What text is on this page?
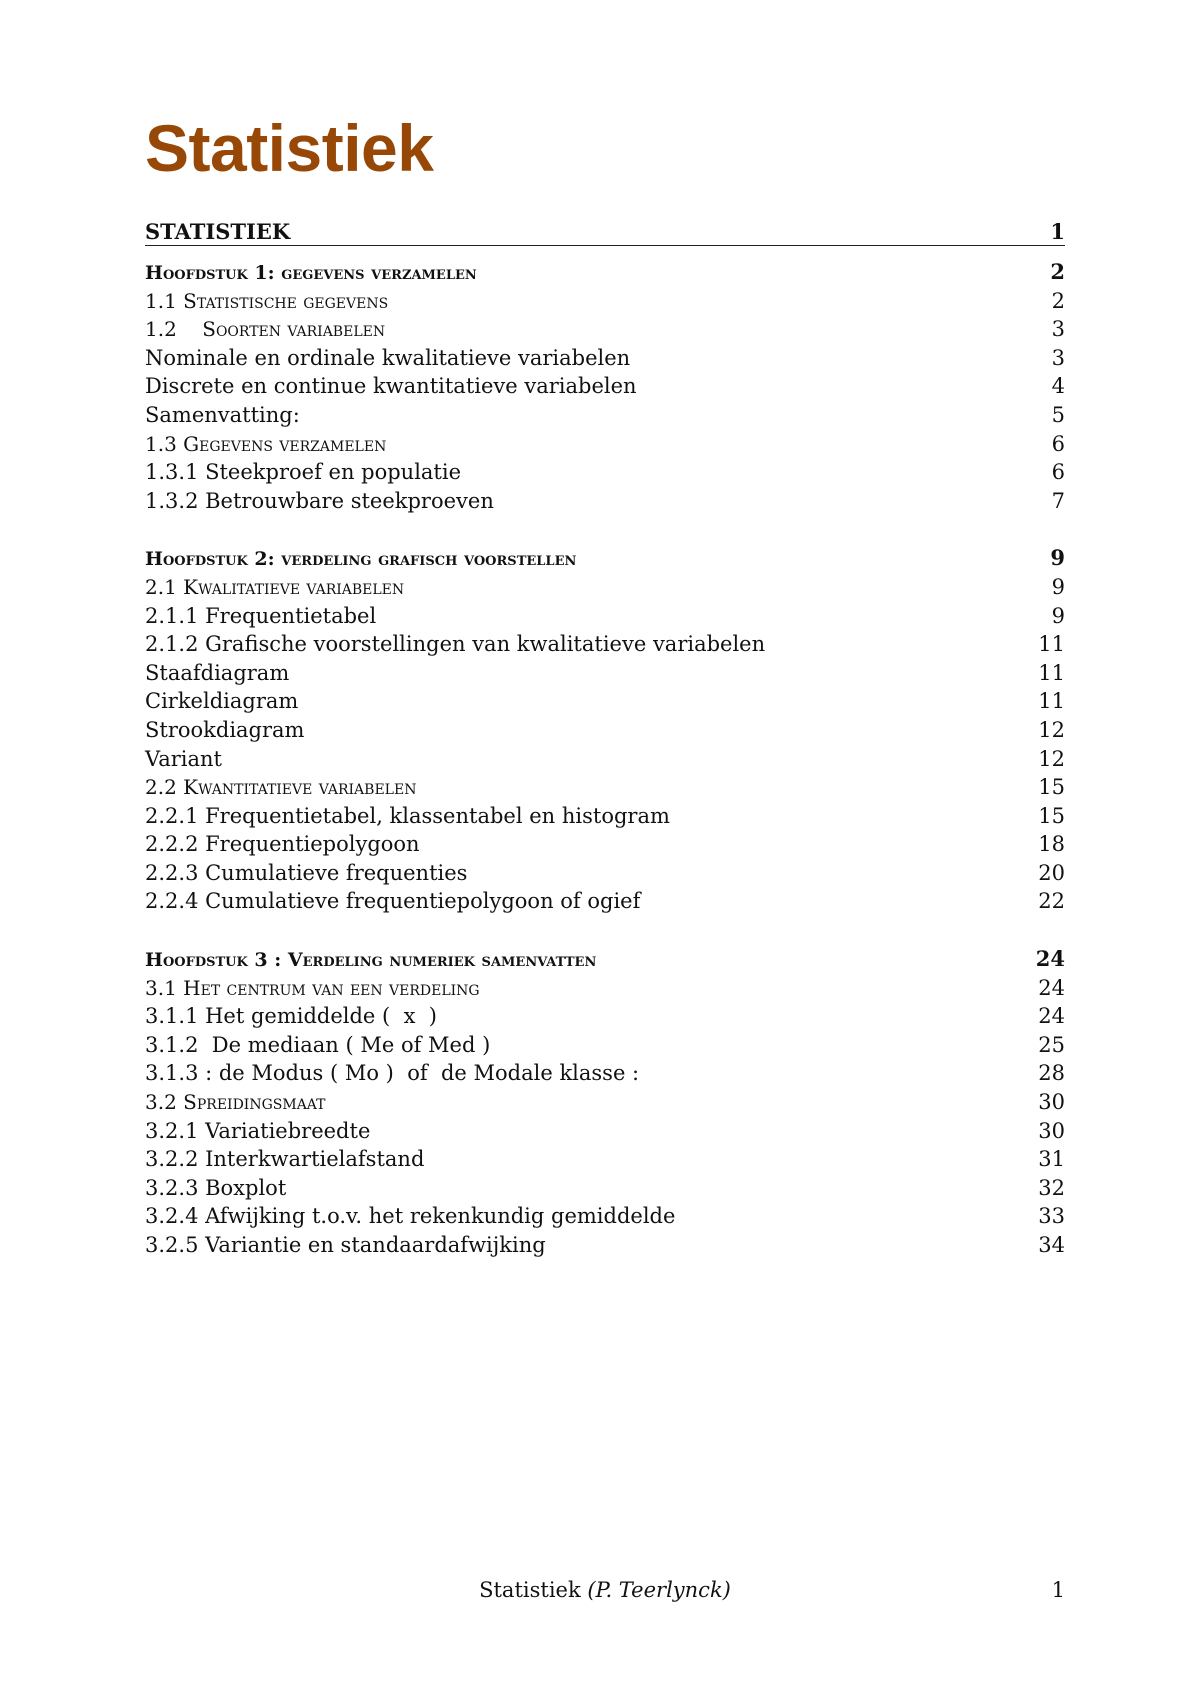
Statistiek
STATISTIEK	1
Hoofdstuk 1: gegevens verzamelen	2
1.1 Statistische gegevens	2
1.2    Soorten variabelen	3
Nominale en ordinale kwalitatieve variabelen	3
Discrete en continue kwantitatieve variabelen	4
Samenvatting:	5
1.3 Gegevens verzamelen	6
1.3.1 Steekproef en populatie	6
1.3.2 Betrouwbare steekproeven	7
Hoofdstuk 2: verdeling grafisch voorstellen	9
2.1 Kwalitatieve variabelen	9
2.1.1 Frequentietabel	9
2.1.2 Grafische voorstellingen van kwalitatieve variabelen	11
Staafdiagram	11
Cirkeldiagram	11
Strookdiagram	12
Variant	12
2.2 Kwantitatieve variabelen	15
2.2.1 Frequentietabel, klassentabel en histogram	15
2.2.2 Frequentiepolygoon	18
2.2.3 Cumulatieve frequenties	20
2.2.4 Cumulatieve frequentiepolygoon of ogief	22
Hoofdstuk 3 : Verdeling numeriek samenvatten	24
3.1 Het centrum van een verdeling	24
3.1.1 Het gemiddelde (  x  )	24
3.1.2  De mediaan ( Me of Med )	25
3.1.3 : de Modus ( Mo )  of  de Modale klasse :	28
3.2 Spreidingsmaat	30
3.2.1 Variatiebreedte	30
3.2.2 Interkwartielafstand	31
3.2.3 Boxplot	32
3.2.4 Afwijking t.o.v. het rekenkundig gemiddelde	33
3.2.5 Variantie en standaardafwijking	34
Statistiek (P. Teerlynck)	1
